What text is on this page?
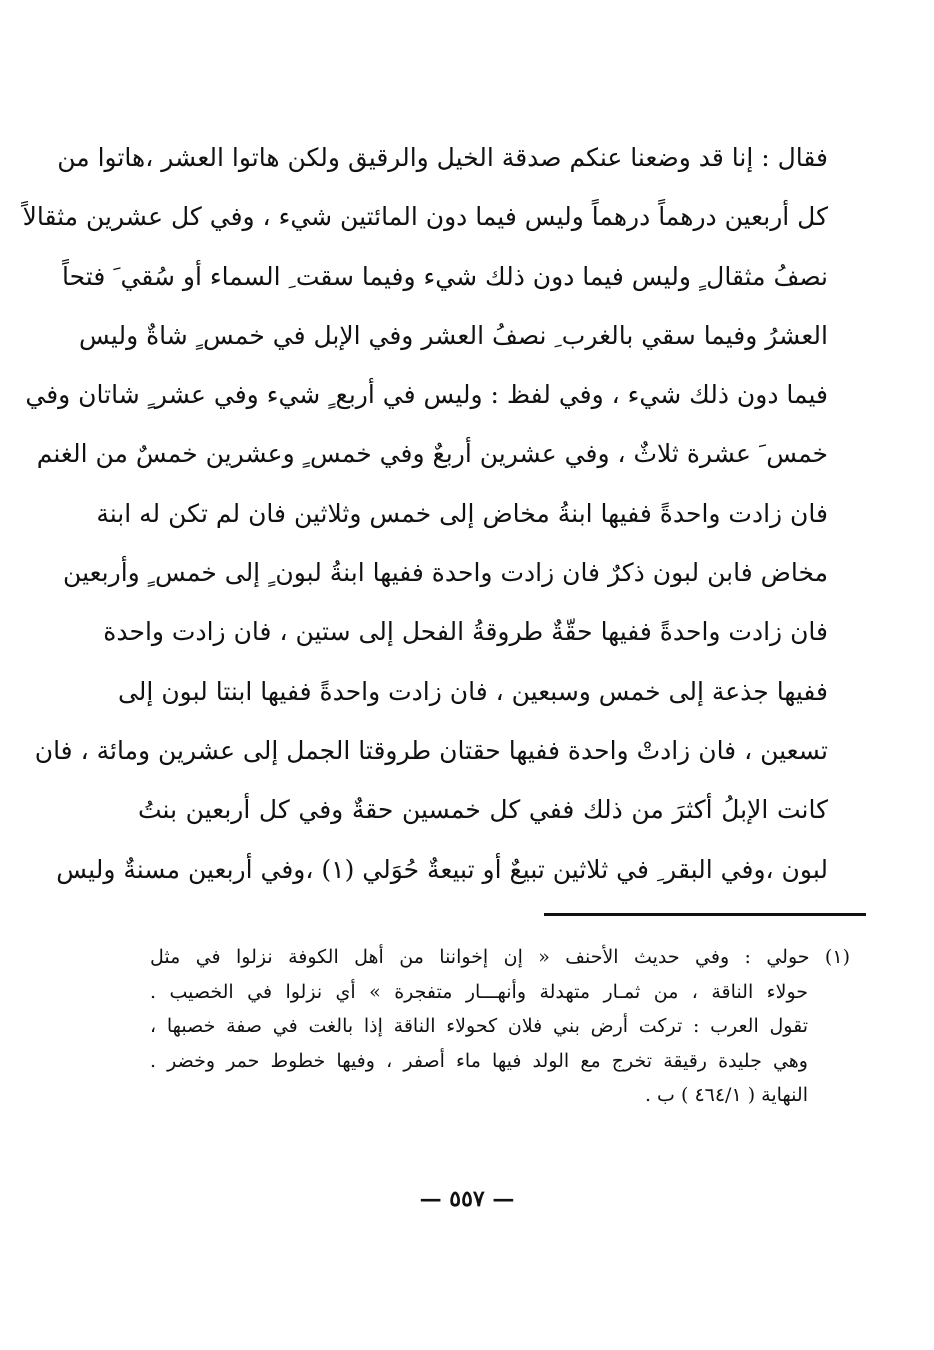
فقال : إنا قد وضعنا عنكم صدقة الخيل والرقيق ولكن هاتوا العشر ،هاتوا من
كل أربعين درهماً درهماً وليس فيما دون المائتين شيء ، وفي كل عشرين مثقالاً
نصفُ مثقال ٍ وليس فيما دون ذلك شيء وفيما سقت ِ السماء أو سُقي َ فتحاً
العشرُ وفيما سقي بالغرب ِ نصفُ العشر وفي الإبل في خمس ٍ شاةٌ وليس
فيما دون ذلك شيء ، وفي لفظ : وليس في أربع ٍ شيء وفي عشر ٍ شاتان وفي
خمس َ عشرة ثلاثٌ ، وفي عشرين أربعٌ وفي خمس ٍ وعشرين خمسٌ من الغنم
فان زادت واحدةً ففيها ابنةُ مخاض إلى خمس وثلاثين فان لم تكن له ابنة
مخاض فابن لبون ذكرٌ فان زادت واحدة ففيها ابنةُ لبون ٍ إلى خمس ٍ وأربعين
فان زادت واحدةً ففيها حقّةٌ طروقةُ الفحل إلى ستين ، فان زادت واحدة
ففيها جذعة إلى خمس وسبعين ، فان زادت واحدةً ففيها ابنتا لبون إلى
تسعين ، فان زادتْ واحدة ففيها حقتان طروقتا الجمل إلى عشرين ومائة ، فان
كانت الإبلُ أكثرَ من ذلك ففي كل خمسين حقةٌ وفي كل أربعين بنتُ
لبون ،وفي البقر ِ في ثلاثين تبيعٌ أو تبيعةٌ حُوَلي (١) ،وفي أربعين مسنةٌ وليس
(١) حولي : وفي حديث الأحنف « إن إخواننا من أهل الكوفة نزلوا في مثل
حولاء الناقة ، من ثمـار متهدلة وأنهـــار متفجرة » أي نزلوا في الخصيب .
تقول العرب : تركت أرض بني فلان كحولاء الناقة إذا بالغت في صفة خصبها ،
وهي جليدة رقيقة تخرج مع الولد فيها ماء أصفر ، وفيها خطوط حمر وخضر .
النهاية ( ٤٦٤/١ ) ب .
— ٥٥٧ —
